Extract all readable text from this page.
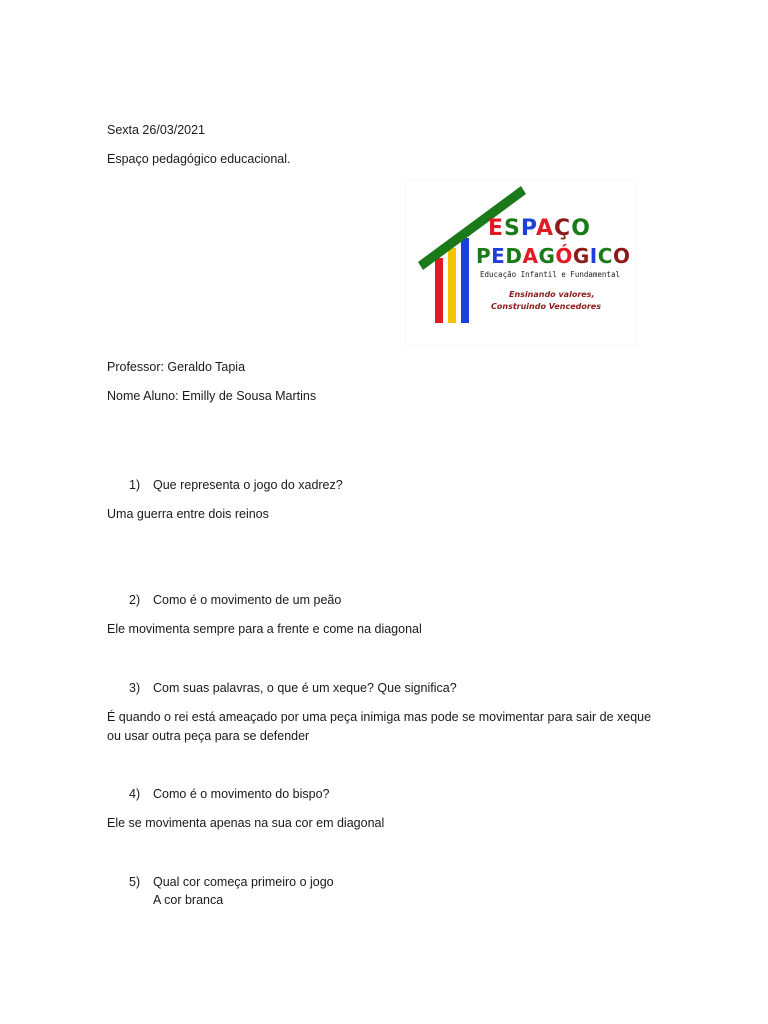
Sexta 26/03/2021
Espaço pedagógico educacional.
ESPAÇO
PEDAGÓGICO
Educação Infantil e Fundamental
Ensinando valores,
Construindo Vencedores
Professor: Geraldo Tapia
Nome Aluno: Emilly de Sousa Martins
1) Que representa o jogo do xadrez?
Uma guerra entre dois reinos
2) Como é o movimento de um peão
Ele movimenta sempre para a frente e come na diagonal
3) Com suas palavras, o que é um xeque? Que significa?
É quando o rei está ameaçado por uma peça inimiga mas pode se movimentar para sair de xeque ou usar outra peça para se defender
4) Como é o movimento do bispo?
Ele se movimenta apenas na sua cor em diagonal
5) Qual cor começa primeiro o jogo
A cor branca
